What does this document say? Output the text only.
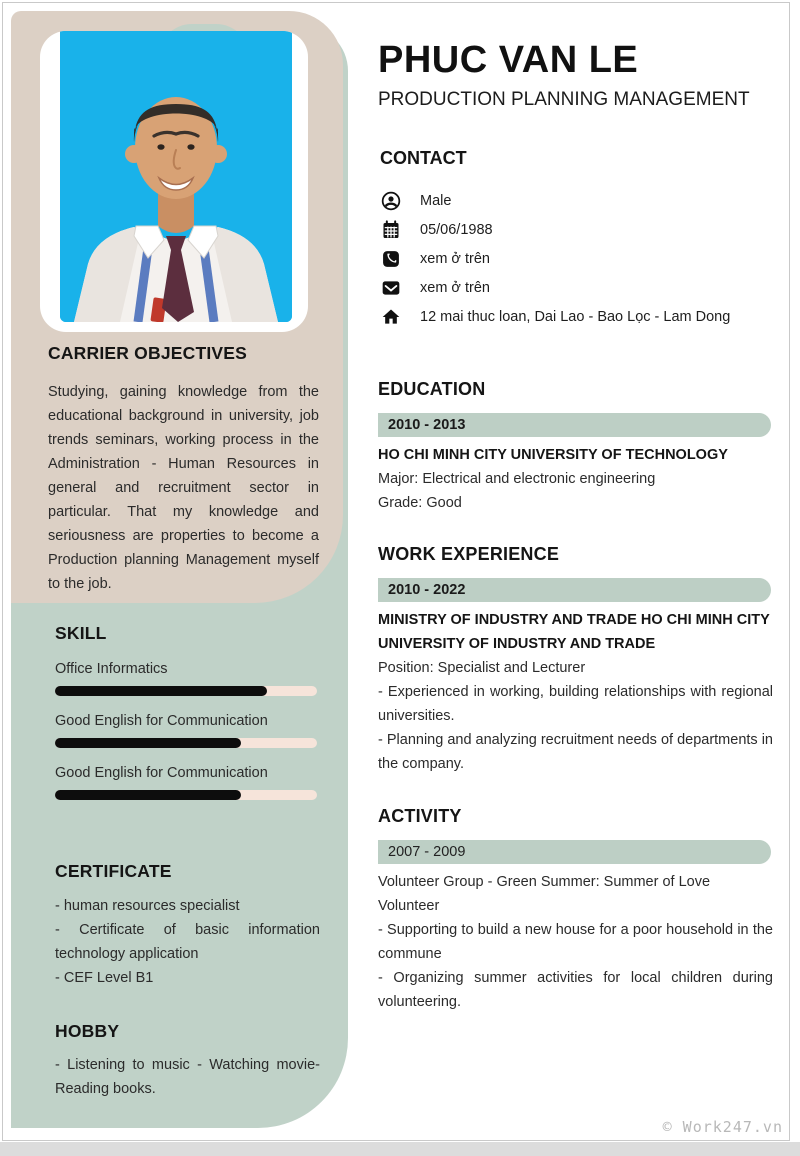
CARRIER OBJECTIVES

Studying, gaining knowledge from the educational background in university, job trends seminars, working process in the Administration - Human Resources in general and recruitment sector in particular. That my knowledge and seriousness are properties to become a Production planning Management myself to the job.

SKILL
Office Informatics
Good English for Communication
Good English for Communication
CERTIFICATE
- human resources specialist
- Certificate of basic information technology application
- CEF Level B1
HOBBY

- Listening to music - Watching movie- Reading books.

PHUC VAN LE
PRODUCTION PLANNING MANAGEMENT
CONTACT
Male
05/06/1988
xem ở trên
xem ở trên
12 mai thuc loan, Dai Lao - Bao Lọc - Lam Dong
EDUCATION
2010 - 2013
HO CHI MINH CITY UNIVERSITY OF TECHNOLOGY
Major: Electrical and electronic engineering
Grade: Good
WORK EXPERIENCE
2010 - 2022
MINISTRY OF INDUSTRY AND TRADE HO CHI MINH CITY UNIVERSITY OF INDUSTRY AND TRADE
Position: Specialist and Lecturer
- Experienced in working, building relationships with regional universities.
- Planning and analyzing recruitment needs of departments in the company.
ACTIVITY
2007 - 2009
Volunteer Group - Green Summer: Summer of Love
Volunteer
- Supporting to build a new house for a poor household in the commune
- Organizing summer activities for local children during volunteering.
© Work247.vn
